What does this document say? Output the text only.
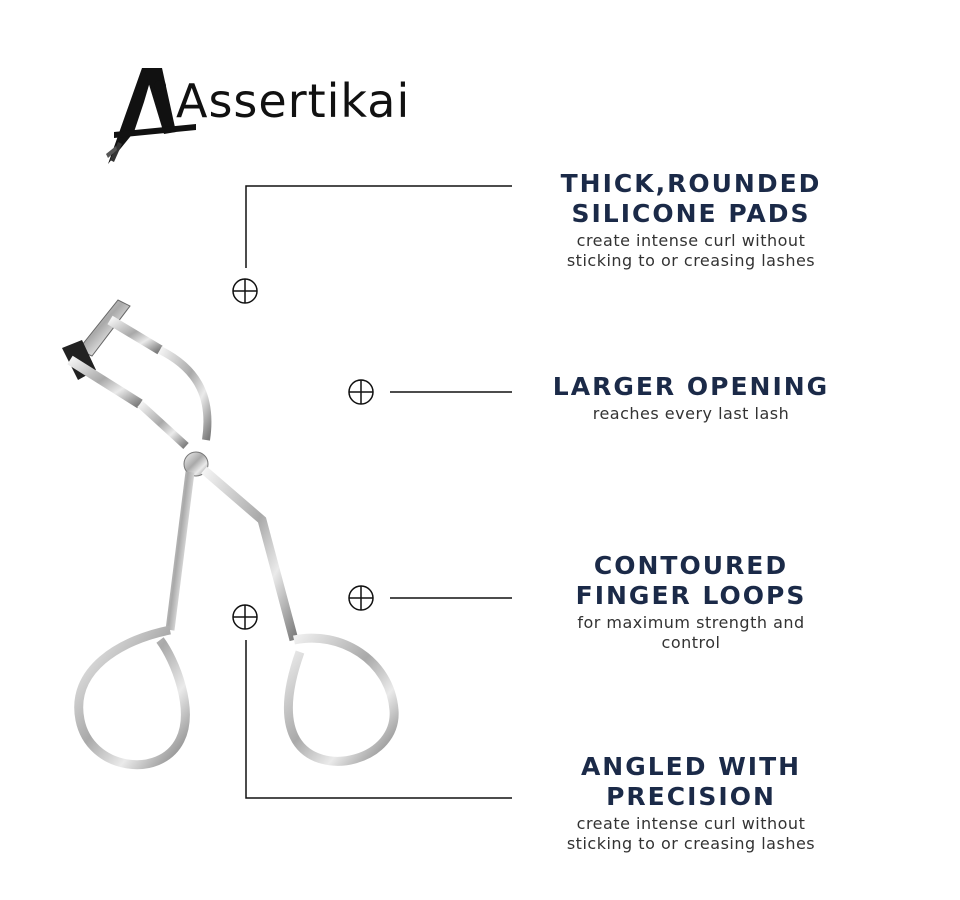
Assertikai
THICK,ROUNDED
SILICONE PADS

create intense curl without

sticking to or creasing lashes

LARGER OPENING

reaches every last lash

CONTOURED
FINGER LOOPS

for maximum strength and

control

ANGLED WITH
PRECISION

create intense curl without

sticking to or creasing lashes
